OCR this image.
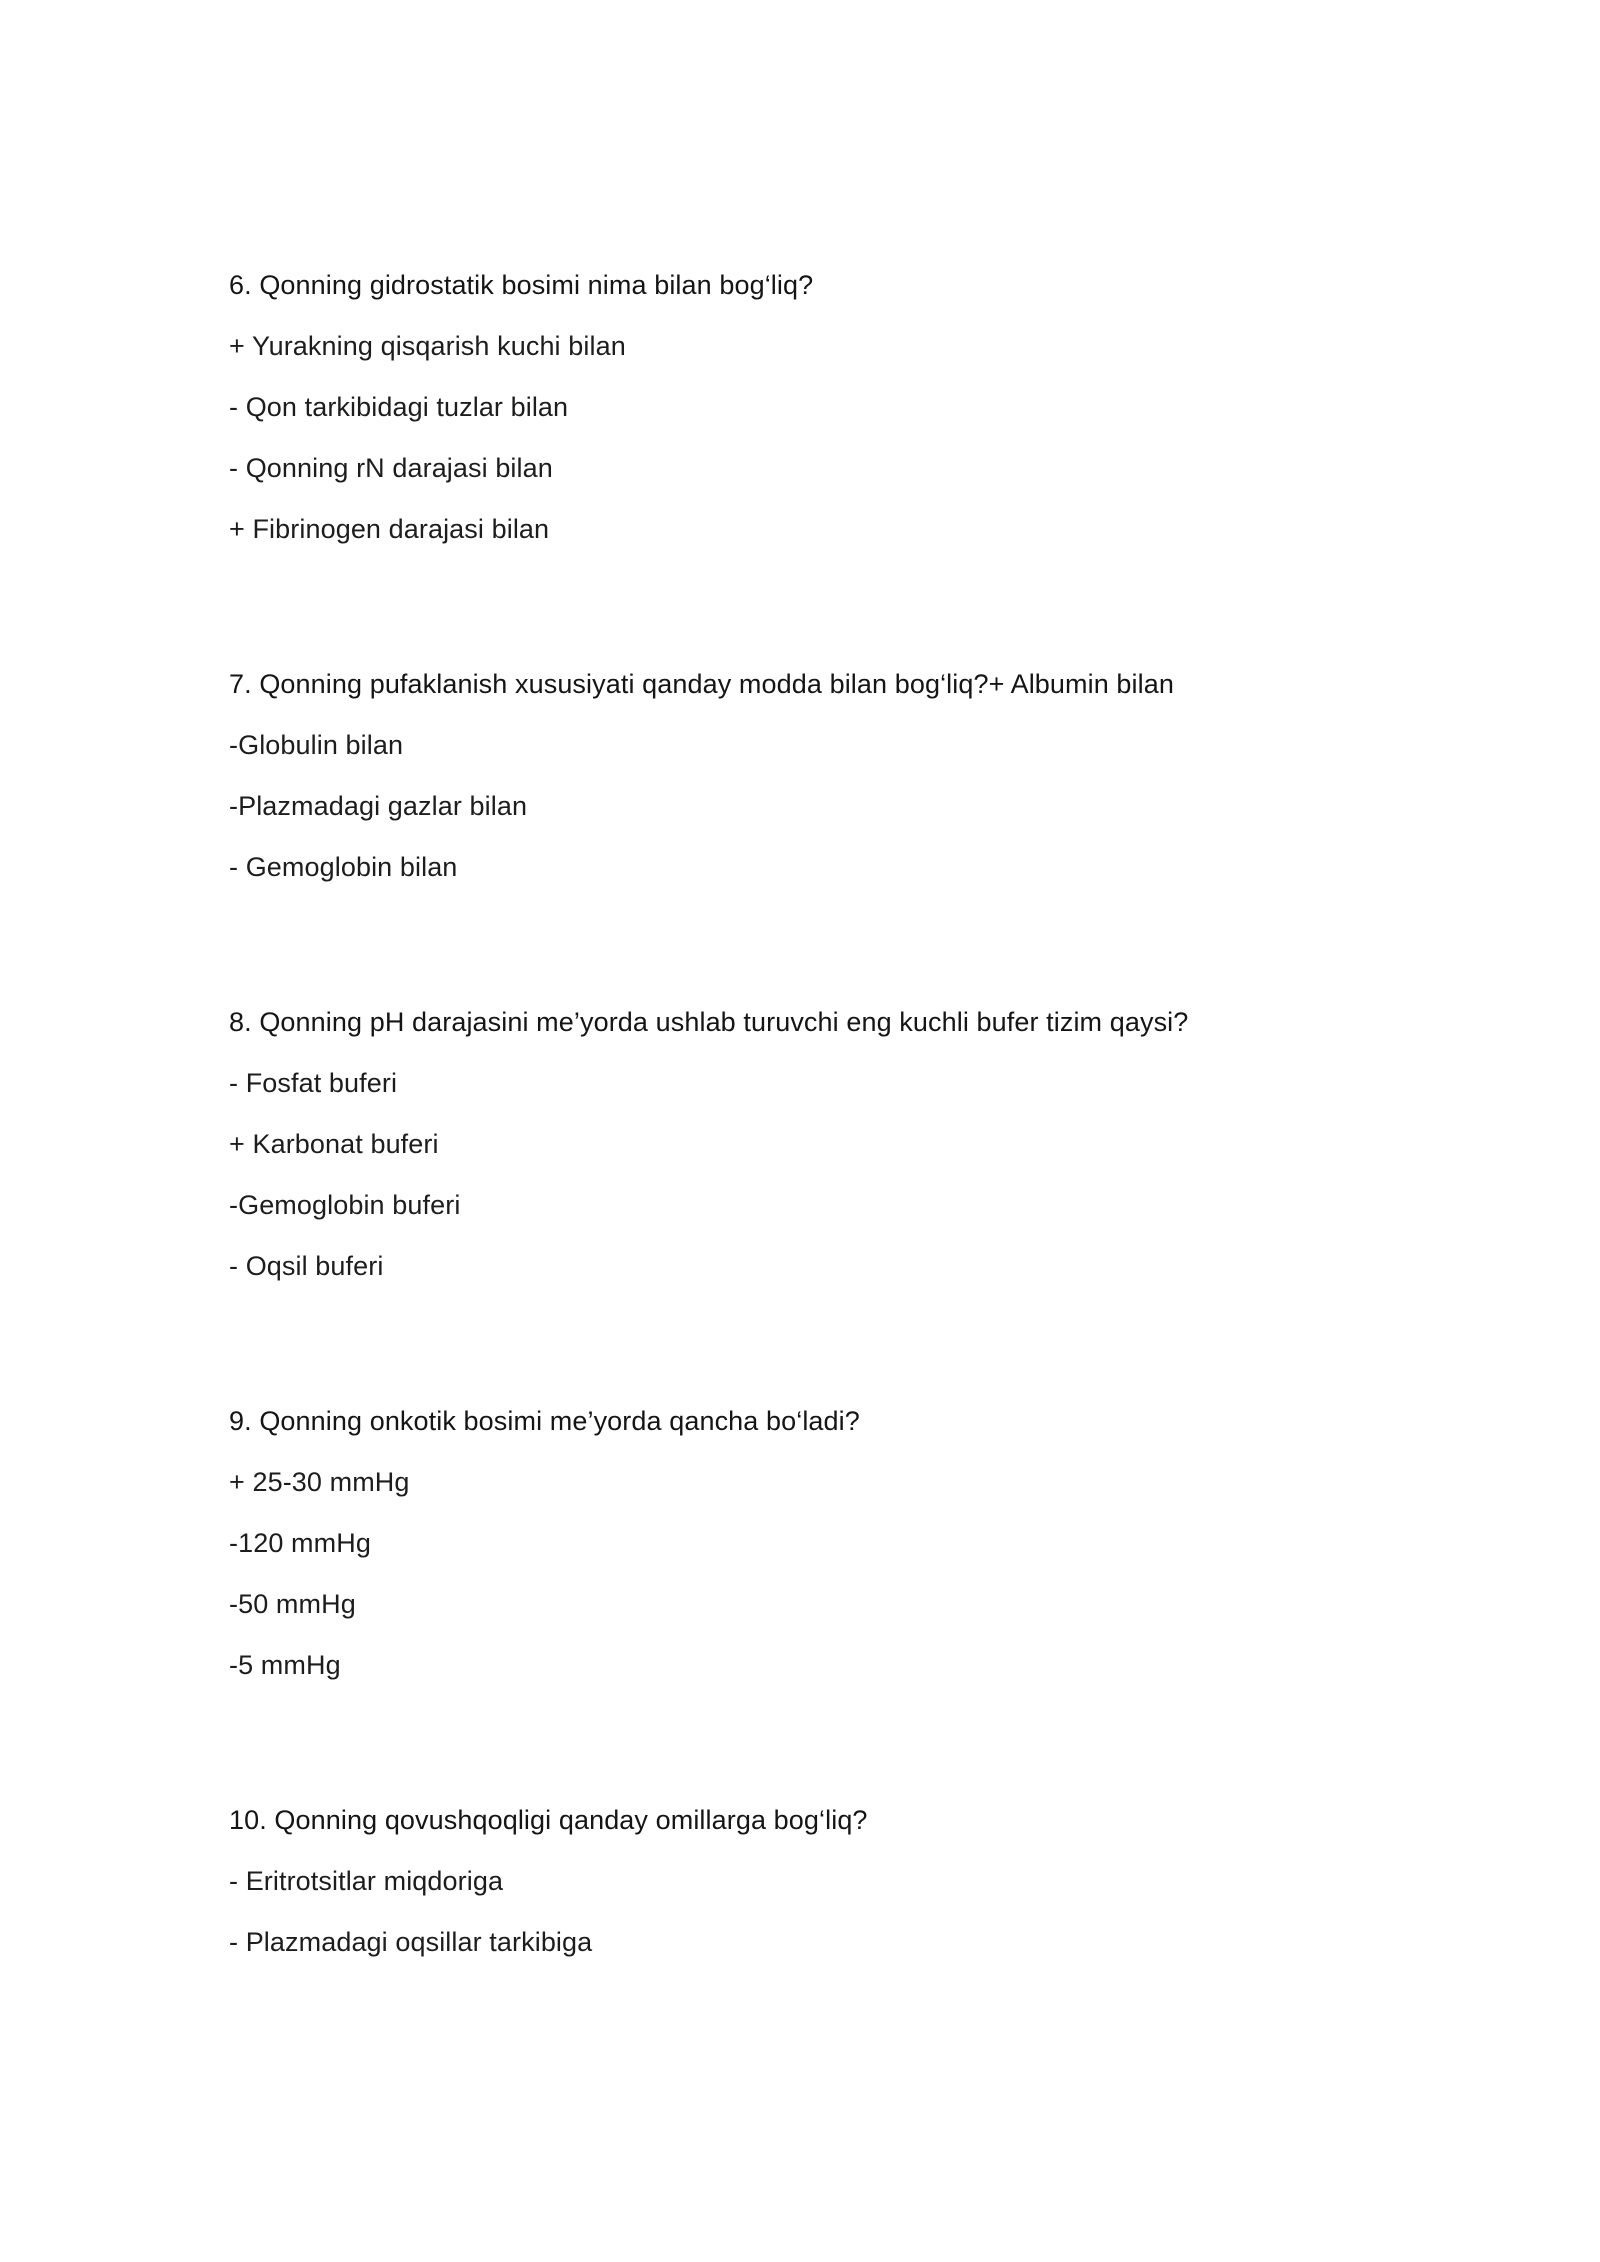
6. Qonning gidrostatik bosimi nima bilan bog‘liq?
+ Yurakning qisqarish kuchi bilan
- Qon tarkibidagi tuzlar bilan
- Qonning rN darajasi bilan
+ Fibrinogen darajasi bilan
7. Qonning pufaklanish xususiyati qanday modda bilan bog‘liq?+ Albumin bilan
-Globulin bilan
-Plazmadagi gazlar bilan
- Gemoglobin bilan
8. Qonning pH darajasini me’yorda ushlab turuvchi eng kuchli bufer tizim qaysi?
- Fosfat buferi
+ Karbonat buferi
-Gemoglobin buferi
- Oqsil buferi
9. Qonning onkotik bosimi me’yorda qancha bo‘ladi?
+ 25-30 mmHg
-120 mmHg
-50 mmHg
-5 mmHg
10. Qonning qovushqoqligi qanday omillarga bog‘liq?
- Eritrotsitlar miqdoriga
- Plazmadagi oqsillar tarkibiga
